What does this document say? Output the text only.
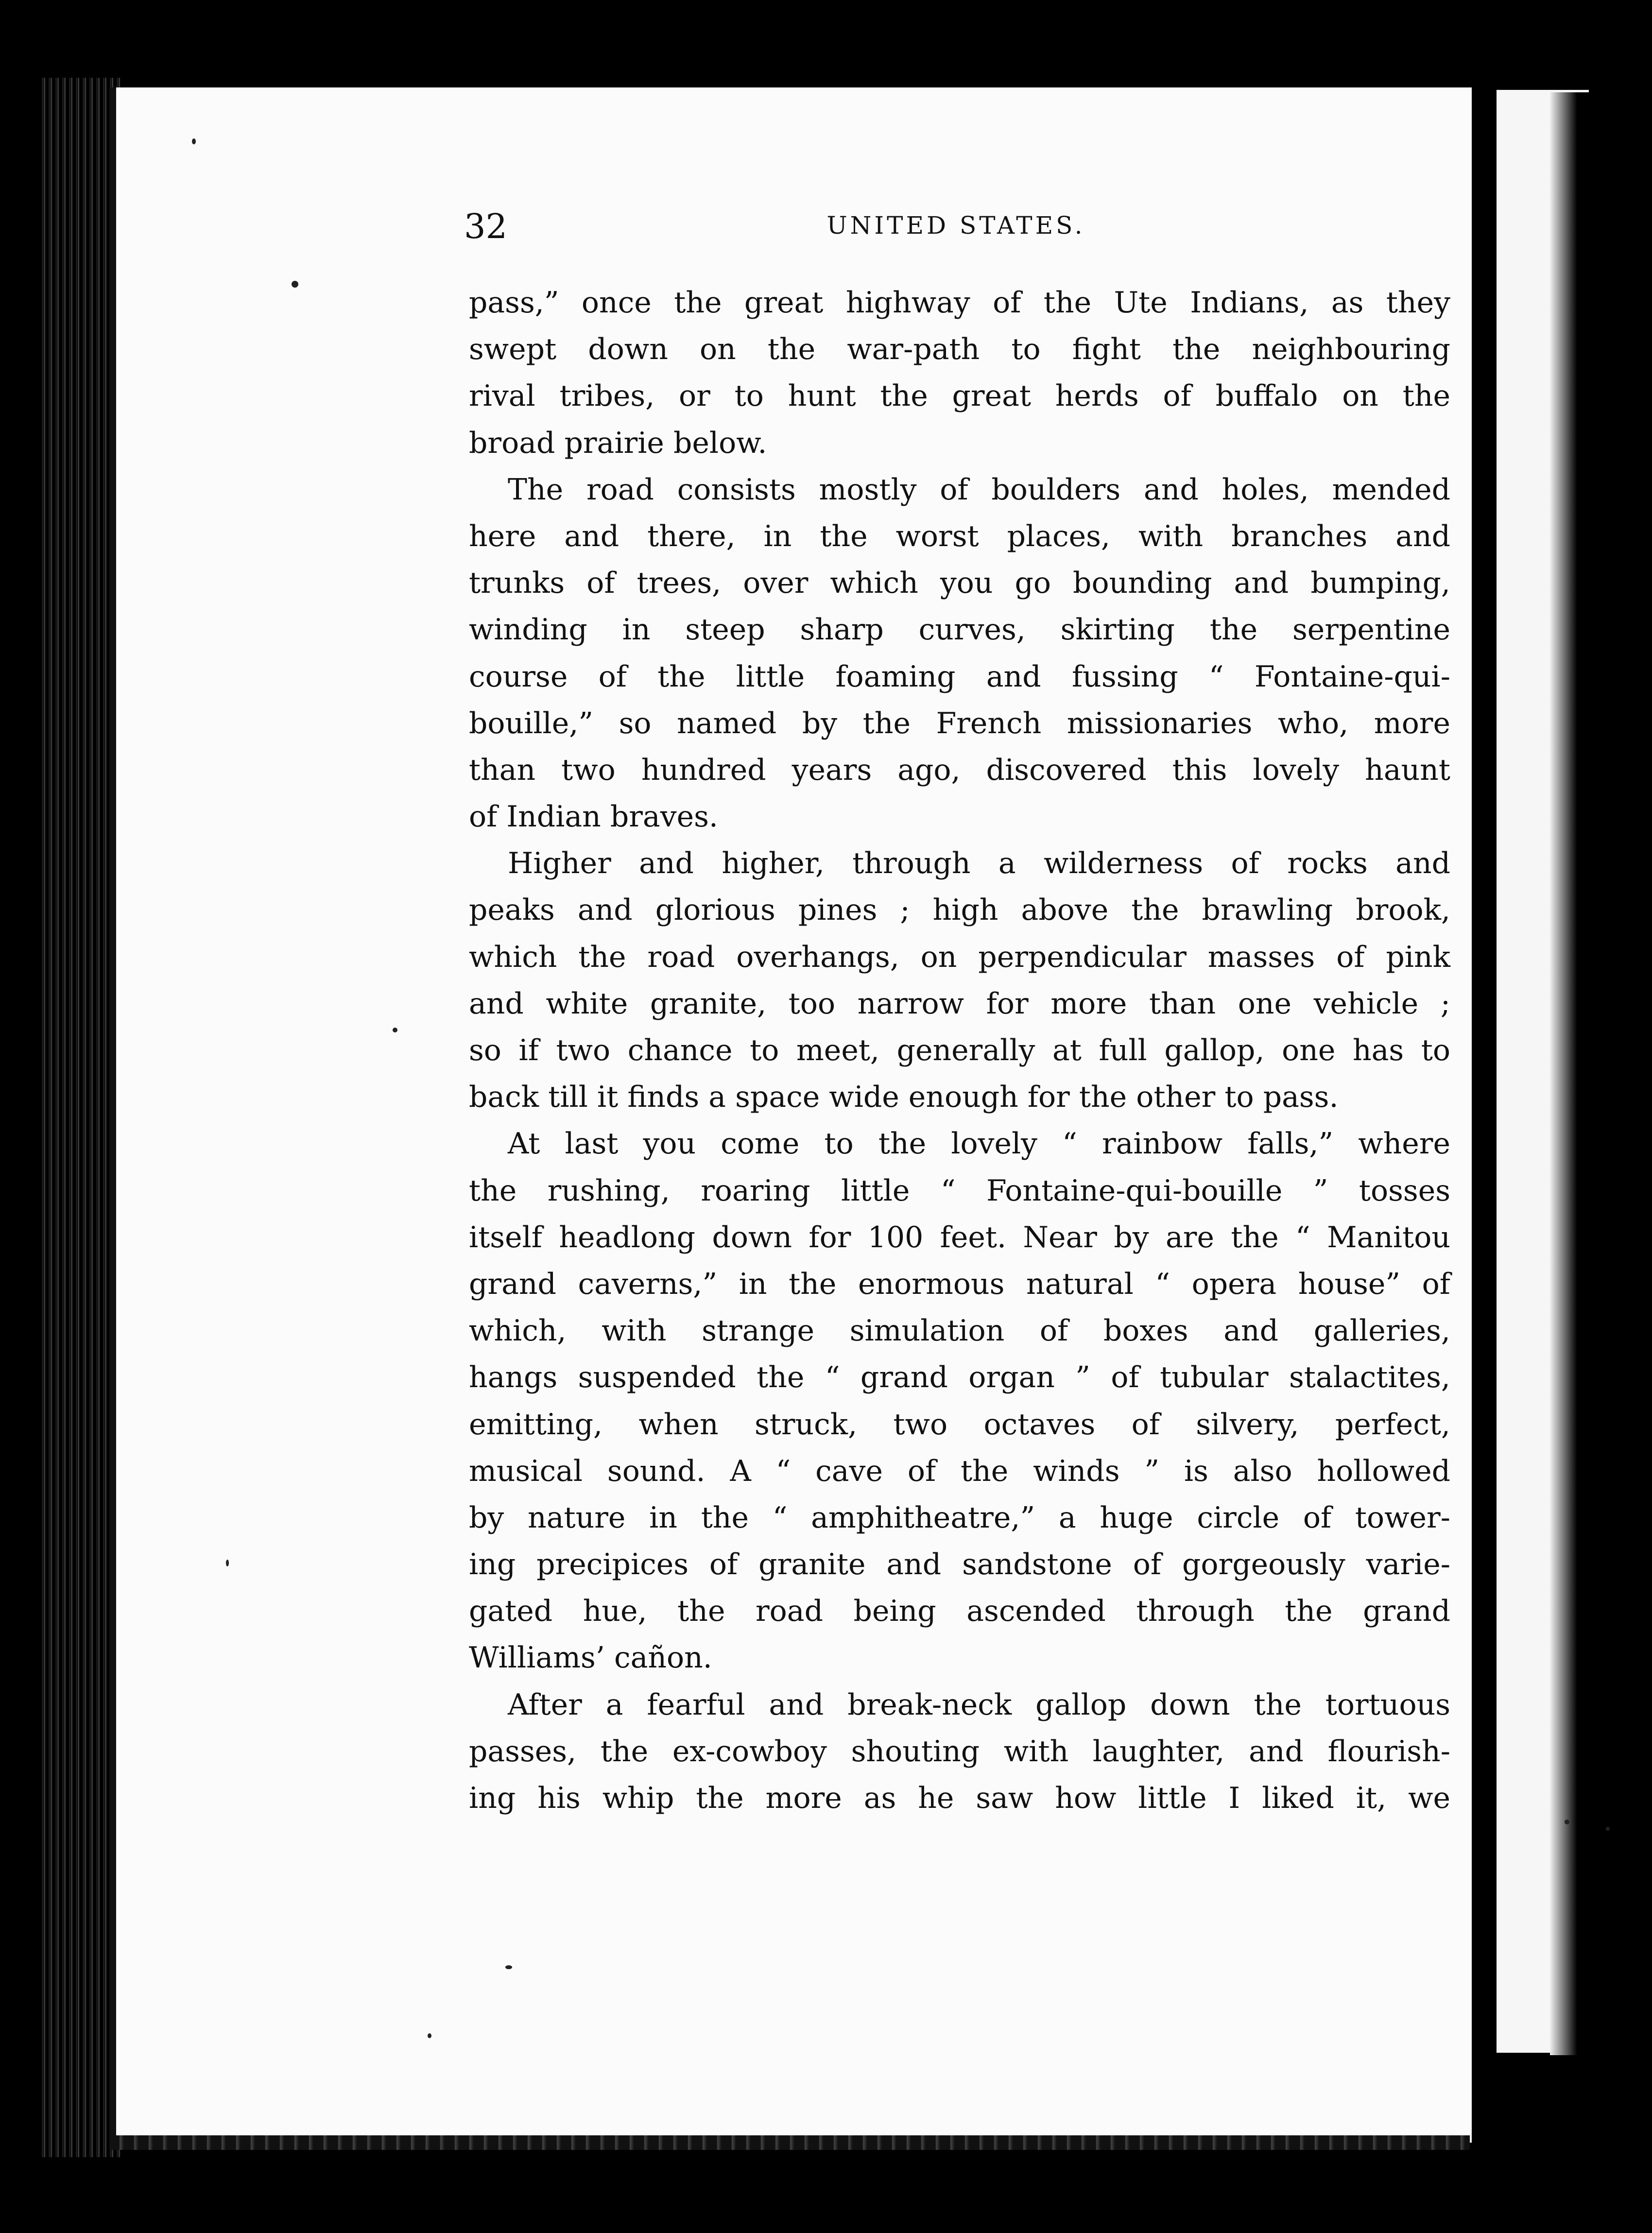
32	UNITED STATES.
pass,” once the great highway of the Ute Indians, as they
swept down on the war-path to fight the neighbouring
rival tribes, or to hunt the great herds of buffalo on the
broad prairie below.
The road consists mostly of boulders and holes, mended
here and there, in the worst places, with branches and
trunks of trees, over which you go bounding and bumping,
winding in steep sharp curves, skirting the serpentine
course of the little foaming and fussing “ Fontaine-qui-
bouille,” so named by the French missionaries who, more
than two hundred years ago, discovered this lovely haunt
of Indian braves.
Higher and higher, through a wilderness of rocks and
peaks and glorious pines ; high above the brawling brook,
which the road overhangs, on perpendicular masses of pink
and white granite, too narrow for more than one vehicle ;
so if two chance to meet, generally at full gallop, one has to
back till it finds a space wide enough for the other to pass.
At last you come to the lovely “ rainbow falls,” where
the rushing, roaring little “ Fontaine-qui-bouille ” tosses
itself headlong down for 100 feet. Near by are the “ Manitou
grand caverns,” in the enormous natural “ opera house” of
which, with strange simulation of boxes and galleries,
hangs suspended the “ grand organ ” of tubular stalactites,
emitting, when struck, two octaves of silvery, perfect,
musical sound. A “ cave of the winds ” is also hollowed
by nature in the “ amphitheatre,” a huge circle of tower-
ing precipices of granite and sandstone of gorgeously varie-
gated hue, the road being ascended through the grand
Williams’ cañon.
After a fearful and break-neck gallop down the tortuous
passes, the ex-cowboy shouting with laughter, and flourish-
ing his whip the more as he saw how little I liked it, we
